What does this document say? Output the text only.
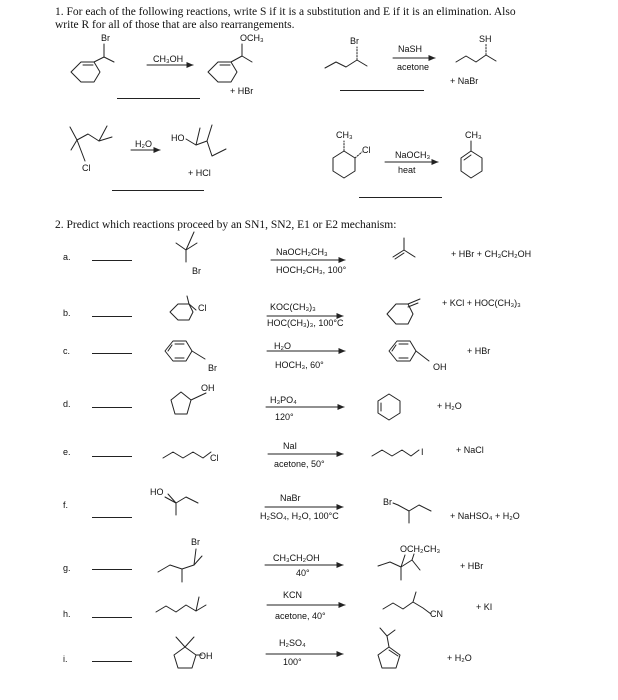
1. For each of the following reactions, write S if it is a substitution and E if it is an elimination. Also
write R for all of those that are also rearrangements.
Br
CH₃OH
OCH₃
+ HBr
Br
NaSH
acetone
SH
+ NaBr
Cl
H₂O
HO
+ HCl
CH₃
Cl	NaOCH₃
heat
CH₃
2. Predict which reactions proceed by an SN1, SN2, E1 or E2 mechanism:
a.
Br
NaOCH₂CH₃
HOCH₂CH₃, 100°
+ HBr + CH₃CH₂OH
b.	Cl	KOC(CH₃)₃
HOC(CH₃)₃, 100°C
+ KCl + HOC(CH₃)₃
c.
Br
H₂O
HOCH₃, 60°	OH
+ HBr
d.
OH
H₃PO₄
120°
+ H₂O
e.
Cl
NaI
acetone, 50°
I	+ NaCl
f.
HO
NaBr
H₂SO₄, H₂O, 100°C
Br
+ NaHSO₄ + H₂O
g.
Br
CH₃CH₂OH
40°
OCH₂CH₃
+ HBr
h.
KCN
acetone, 40°	CN
+ KI
i.	OH
H₂SO₄
100°	+ H₂O
